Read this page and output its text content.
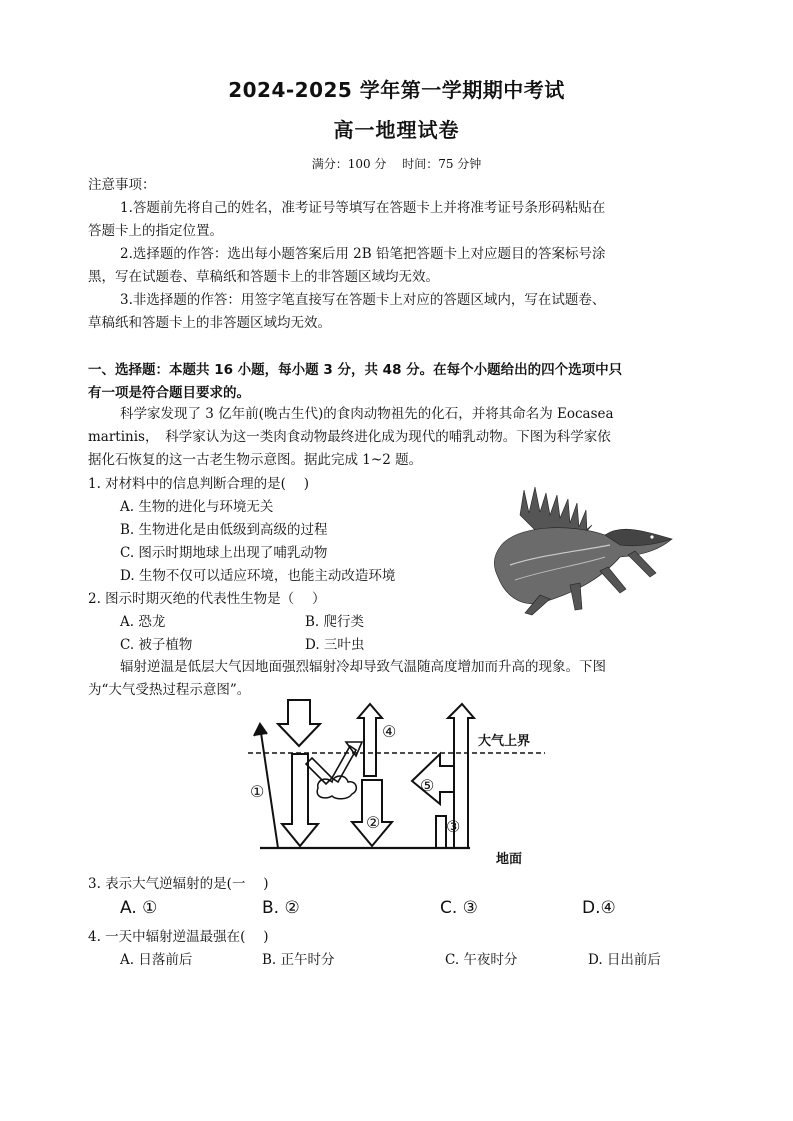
2024-2025 学年第一学期期中考试
高一地理试卷
满分：100 分　 时间：75 分钟
注意事项：
1.答题前先将自己的姓名，准考证号等填写在答题卡上并将准考证号条形码粘贴在
答题卡上的指定位置。
2.选择题的作答：选出每小题答案后用 2B 铅笔把答题卡上对应题目的答案标号涂
黑，写在试题卷、草稿纸和答题卡上的非答题区域均无效。
3.非选择题的作答：用签字笔直接写在答题卡上对应的答题区域内，写在试题卷、
草稿纸和答题卡上的非答题区域均无效。
一、选择题：本题共 16 小题，每小题 3 分，共 48 分。在每个小题给出的四个选项中只
有一项是符合题目要求的。
科学家发现了 3 亿年前(晚古生代)的食肉动物祖先的化石，并将其命名为 Eocasea
martinis，　科学家认为这一类肉食动物最终进化成为现代的哺乳动物。下图为科学家依
据化石恢复的这一古老生物示意图。据此完成 1~2 题。
1. 对材料中的信息判断合理的是(　 )
A. 生物的进化与环境无关
B. 生物进化是由低级到高级的过程
C. 图示时期地球上出现了哺乳动物
D. 生物不仅可以适应环境，也能主动改造环境
2. 图示时期灭绝的代表性生物是（　 ）
A. 恐龙	B. 爬行类
C. 被子植物	D. 三叶虫
辐射逆温是低层大气因地面强烈辐射冷却导致气温随高度增加而升高的现象。下图
为“大气受热过程示意图”。
①
②	③
④
⑤
大气上界
地面
3. 表示大气逆辐射的是(一　 )
A. ①	B. ②	C. ③	D.④
4. 一天中辐射逆温最强在(　 )
A. 日落前后	B. 正午时分	C. 午夜时分	D. 日出前后
